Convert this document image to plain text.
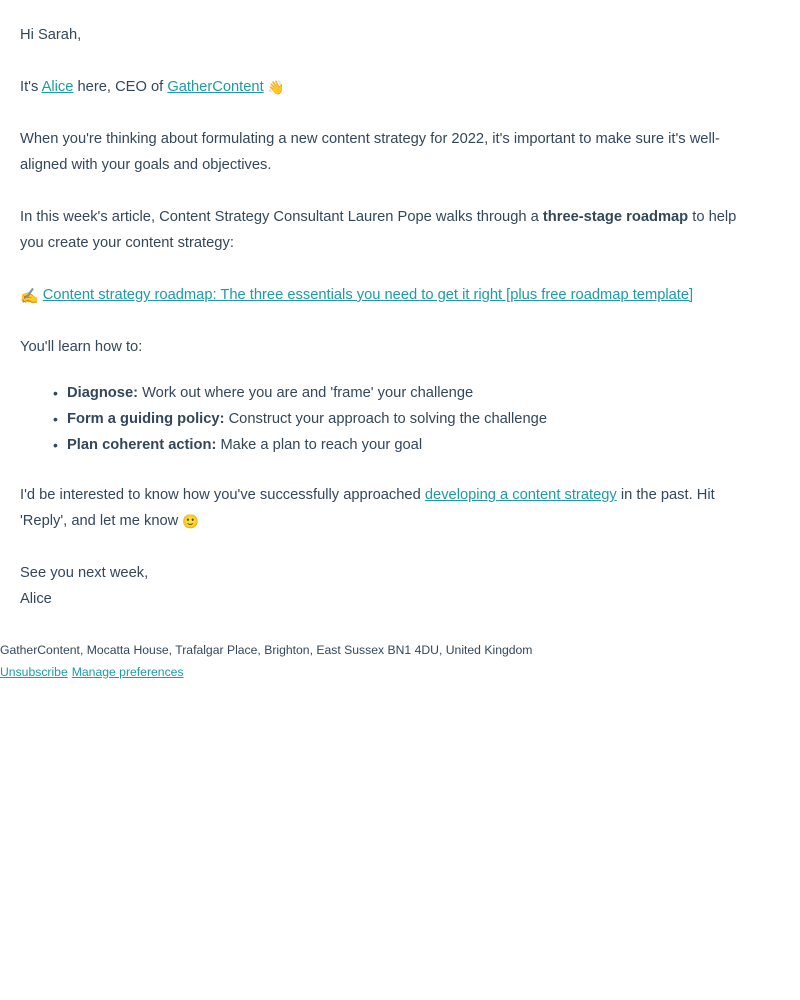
Hi Sarah,

It's Alice here, CEO of GatherContent 👋

When you're thinking about formulating a new content strategy for 2022, it's important to make sure it's well-aligned with your goals and objectives.

In this week's article, Content Strategy Consultant Lauren Pope walks through a three-stage roadmap to help you create your content strategy:

✍️ Content strategy roadmap: The three essentials you need to get it right [plus free roadmap template]

You'll learn how to:

• Diagnose: Work out where you are and 'frame' your challenge
• Form a guiding policy: Construct your approach to solving the challenge
• Plan coherent action: Make a plan to reach your goal

I'd be interested to know how you've successfully approached developing a content strategy in the past. Hit 'Reply', and let me know 🙂

See you next week,

Alice

GatherContent, Mocatta House, Trafalgar Place, Brighton, East Sussex BN1 4DU, United Kingdom
Unsubscribe Manage preferences
